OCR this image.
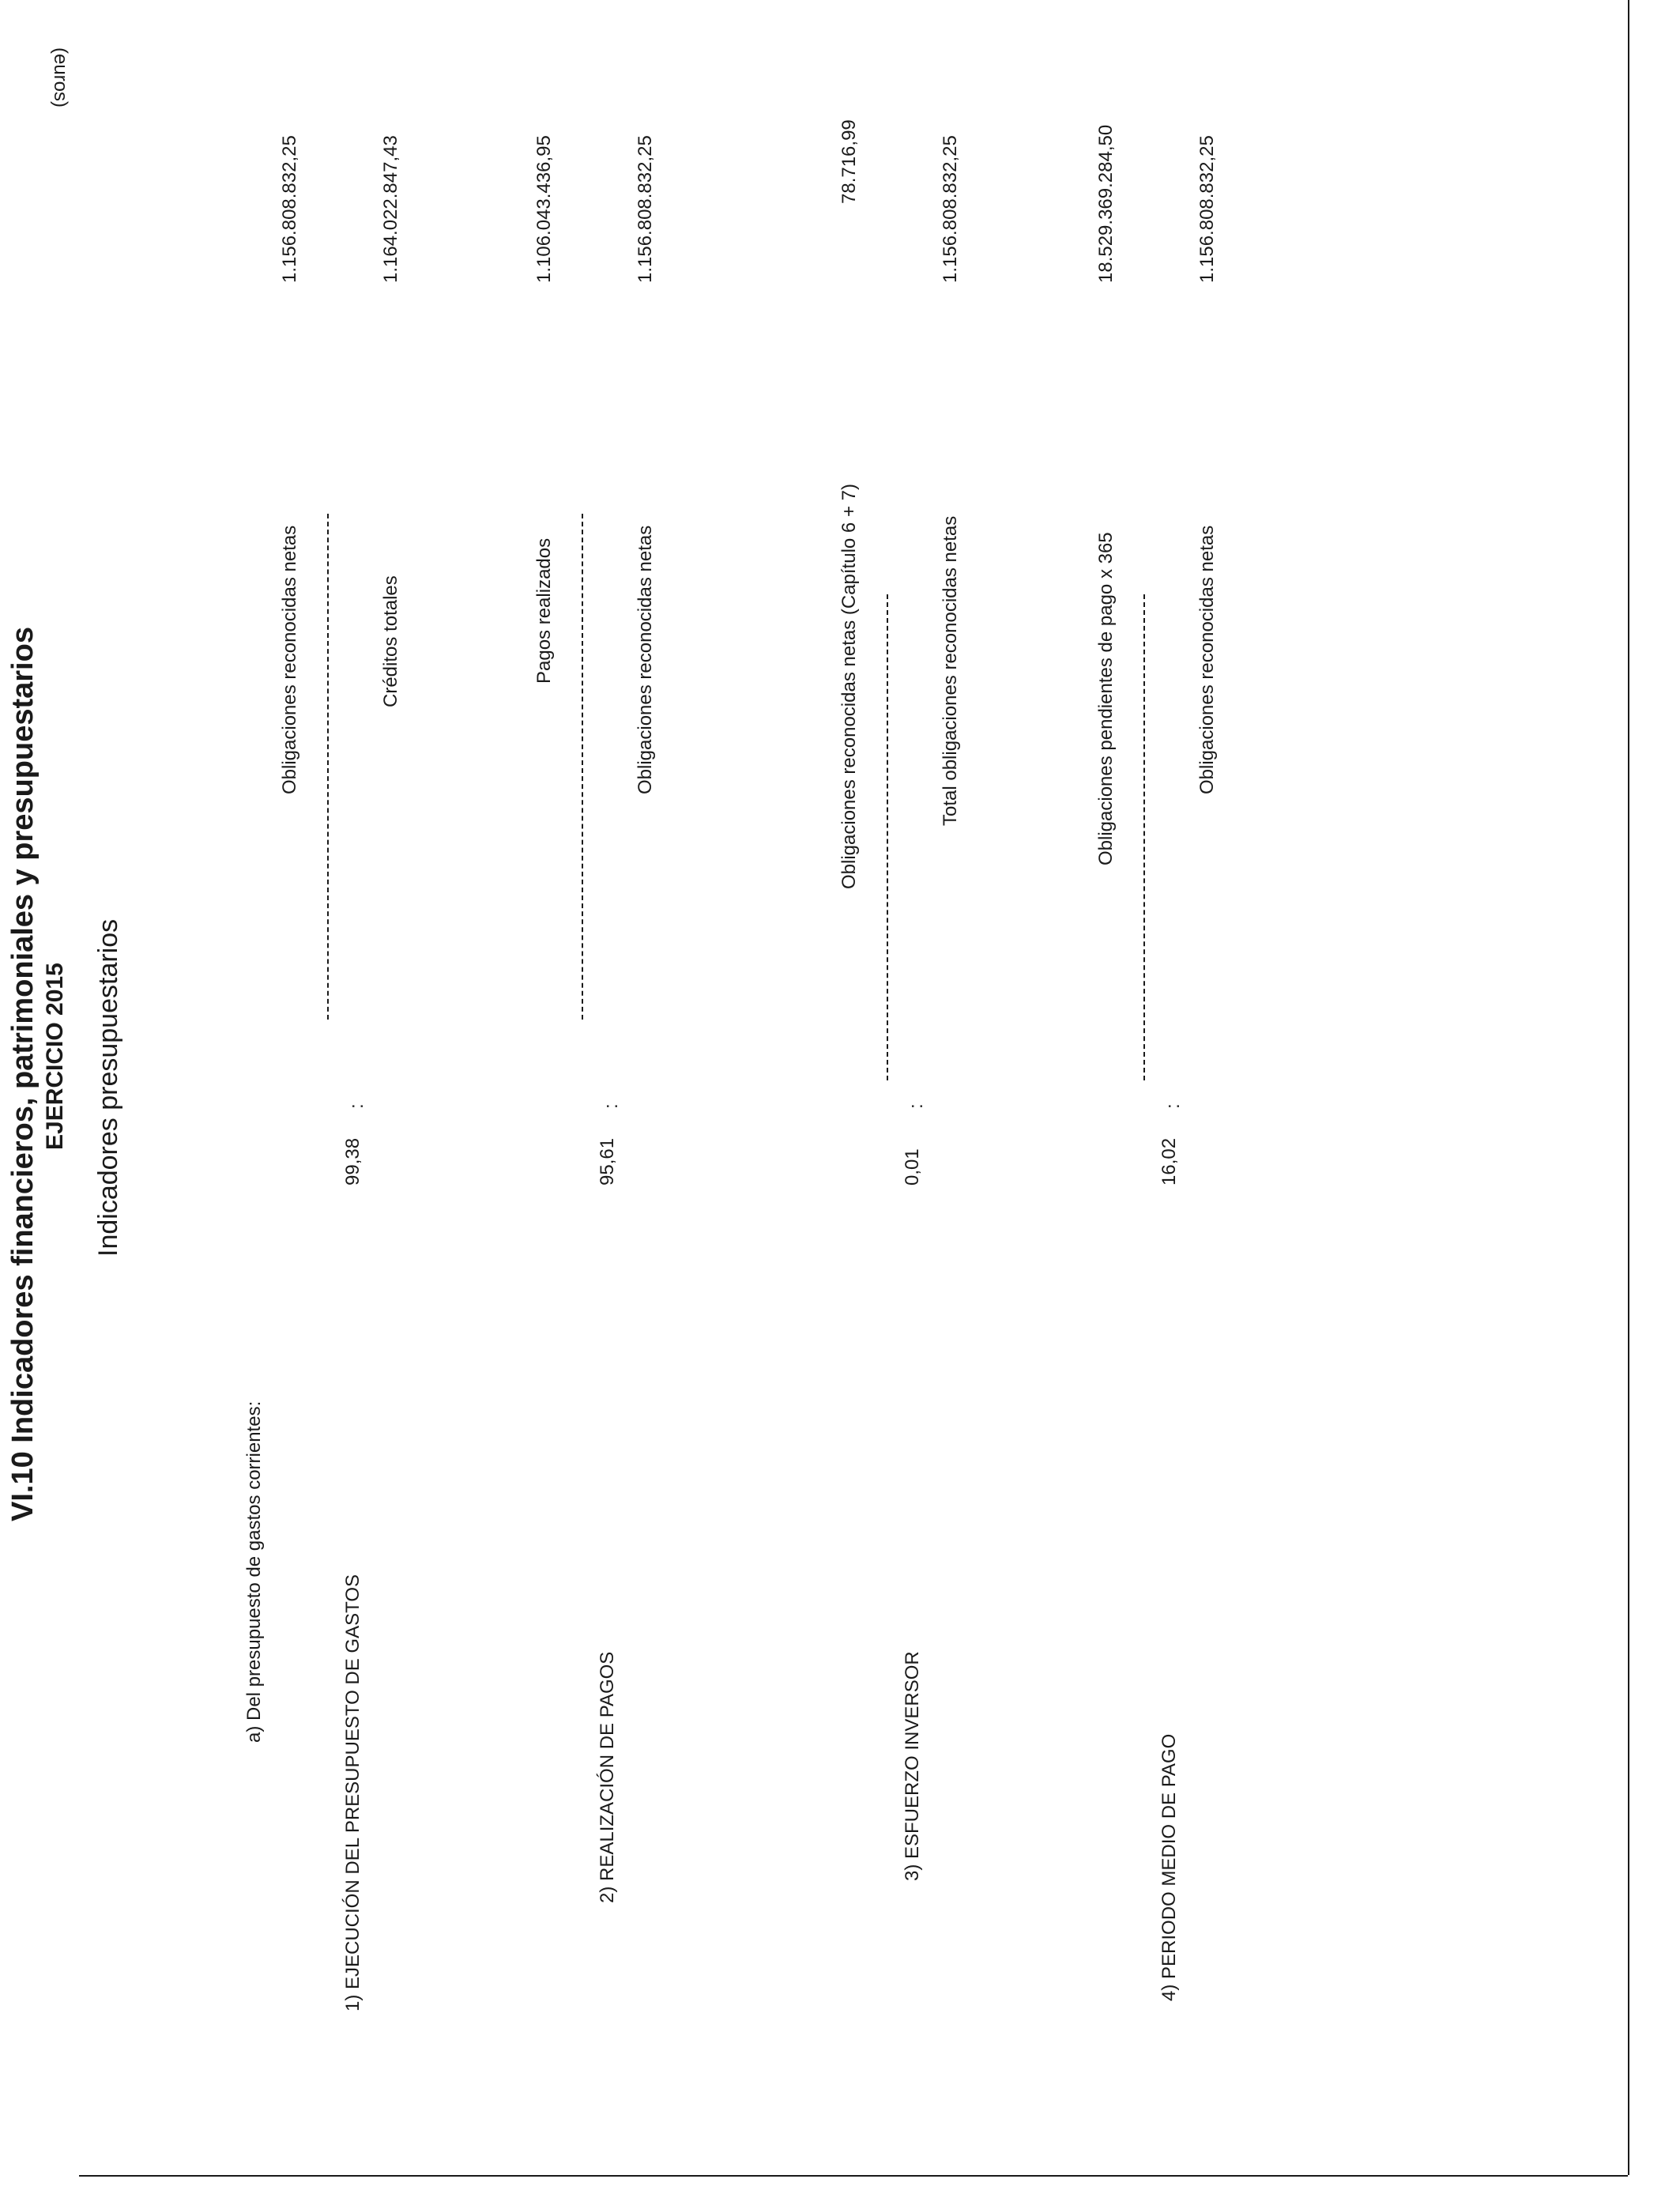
VI.10 Indicadores financieros, patrimoniales y presupuestarios EJERCICIO 2015 Indicadores presupuestarios
(euros)
a) Del presupuesto de gastos corrientes:
1) EJECUCIÓN DEL PRESUPUESTO DE GASTOS
99,38
:
Obligaciones reconocidas netas
1.156.808.832,25
Créditos totales
1.164.022.847,43
2) REALIZACIÓN DE PAGOS
95,61
:
Pagos realizados
1.106.043.436,95
Obligaciones reconocidas netas
1.156.808.832,25
3) ESFUERZO INVERSOR
0,01
:
Obligaciones reconocidas netas (Capítulo 6 + 7)
78.716,99
Total obligaciones reconocidas netas
1.156.808.832,25
4) PERIODO MEDIO DE PAGO
16,02
:
Obligaciones pendientes de pago x 365
18.529.369.284,50
Obligaciones reconocidas netas
1.156.808.832,25
